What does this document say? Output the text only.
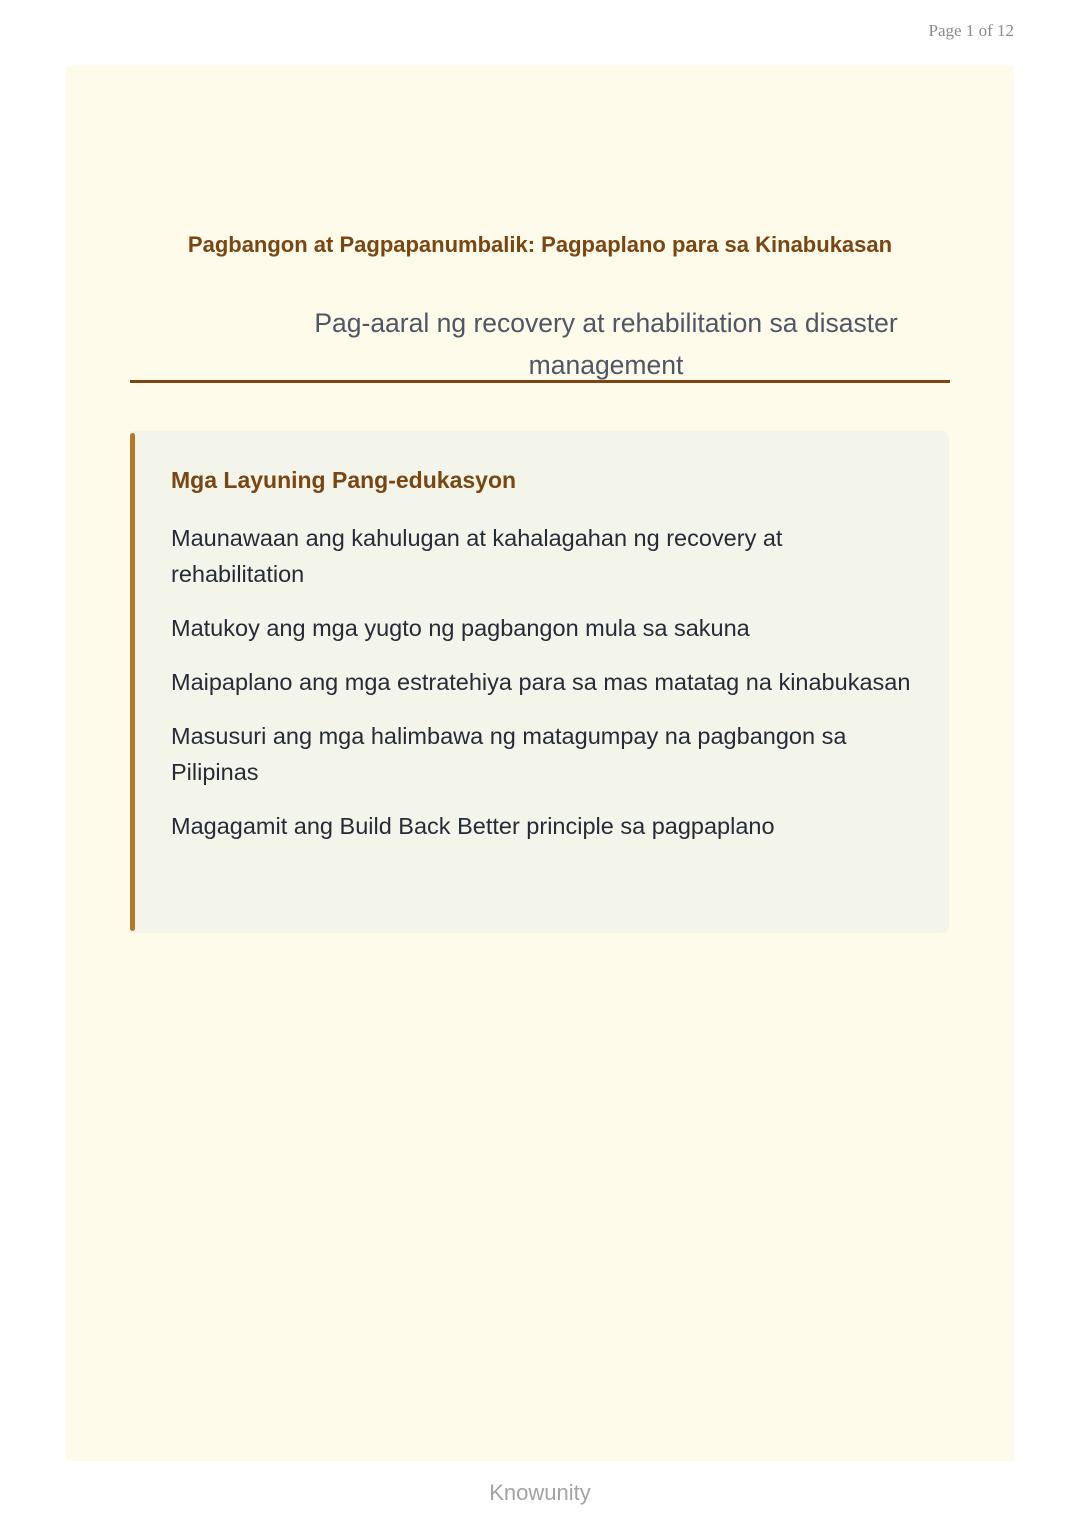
Page 1 of 12
Pagbangon at Pagpapanumbalik: Pagpaplano para sa Kinabukasan

Pag-aaral ng recovery at rehabilitation sa disaster management

Mga Layuning Pang-edukasyon
Maunawaan ang kahulugan at kahalagahan ng recovery at rehabilitation
Matukoy ang mga yugto ng pagbangon mula sa sakuna
Maipaplano ang mga estratehiya para sa mas matatag na kinabukasan
Masusuri ang mga halimbawa ng matagumpay na pagbangon sa Pilipinas
Magagamit ang Build Back Better principle sa pagpaplano
Knowunity
